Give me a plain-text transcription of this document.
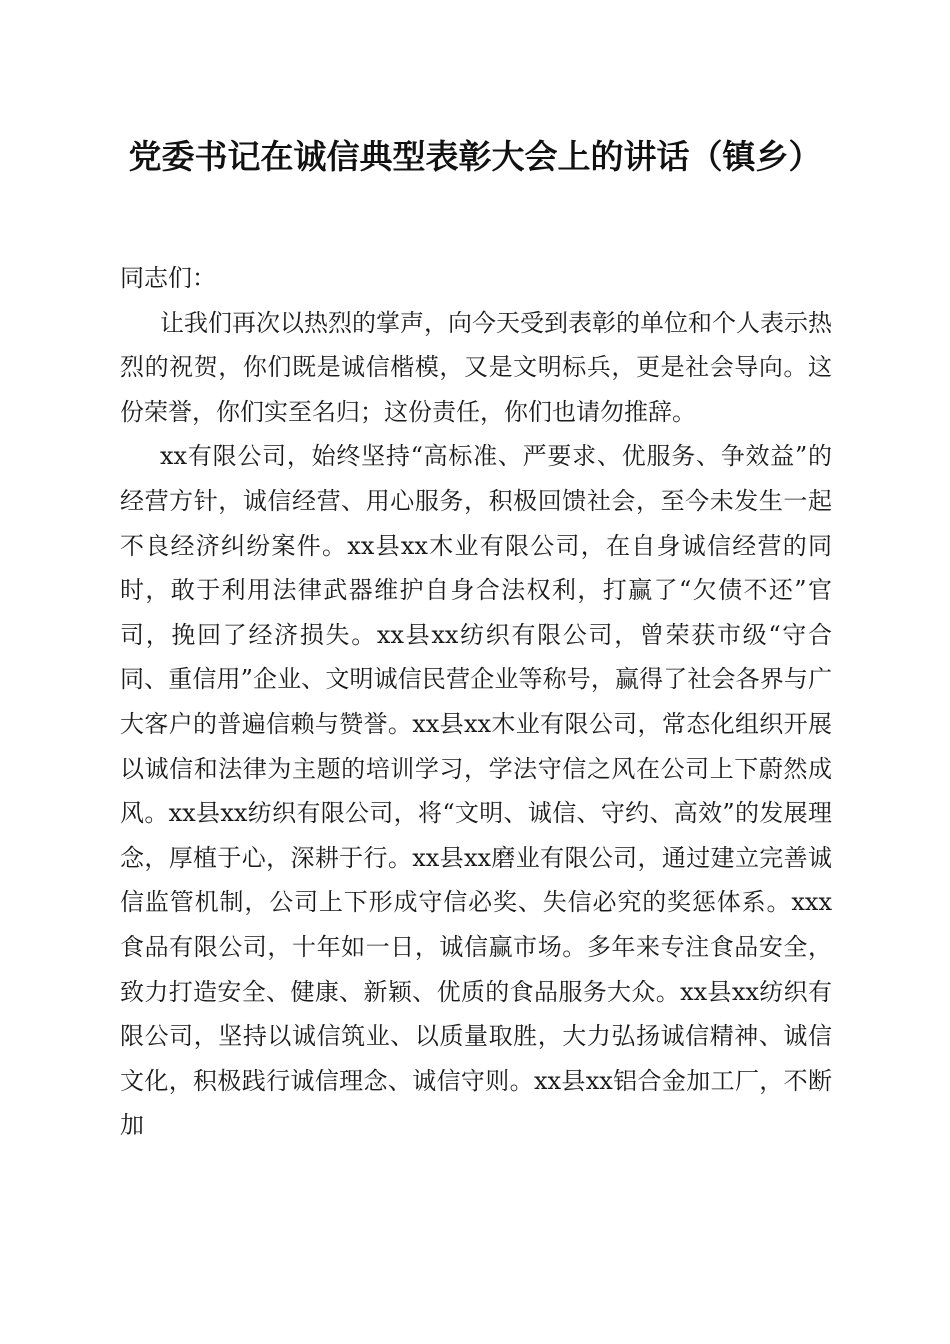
党委书记在诚信典型表彰大会上的讲话（镇乡）

同志们：

让我们再次以热烈的掌声，向今天受到表彰的单位和个人表示热烈的祝贺，你们既是诚信楷模，又是文明标兵，更是社会导向。这份荣誉，你们实至名归；这份责任，你们也请勿推辞。

xx有限公司，始终坚持“高标准、严要求、优服务、争效益”的经营方针，诚信经营、用心服务，积极回馈社会，至今未发生一起不良经济纠纷案件。xx县xx木业有限公司，在自身诚信经营的同时，敢于利用法律武器维护自身合法权利，打赢了“欠债不还”官司，挽回了经济损失。xx县xx纺织有限公司，曾荣获市级“守合同、重信用”企业、文明诚信民营企业等称号，赢得了社会各界与广大客户的普遍信赖与赞誉。xx县xx木业有限公司，常态化组织开展以诚信和法律为主题的培训学习，学法守信之风在公司上下蔚然成风。xx县xx纺织有限公司，将“文明、诚信、守约、高效”的发展理念，厚植于心，深耕于行。xx县xx磨业有限公司，通过建立完善诚信监管机制，公司上下形成守信必奖、失信必究的奖惩体系。xxx食品有限公司，十年如一日，诚信赢市场。多年来专注食品安全，致力打造安全、健康、新颖、优质的食品服务大众。xx县xx纺织有限公司，坚持以诚信筑业、以质量取胜，大力弘扬诚信精神、诚信文化，积极践行诚信理念、诚信守则。xx县xx铝合金加工厂，不断加
